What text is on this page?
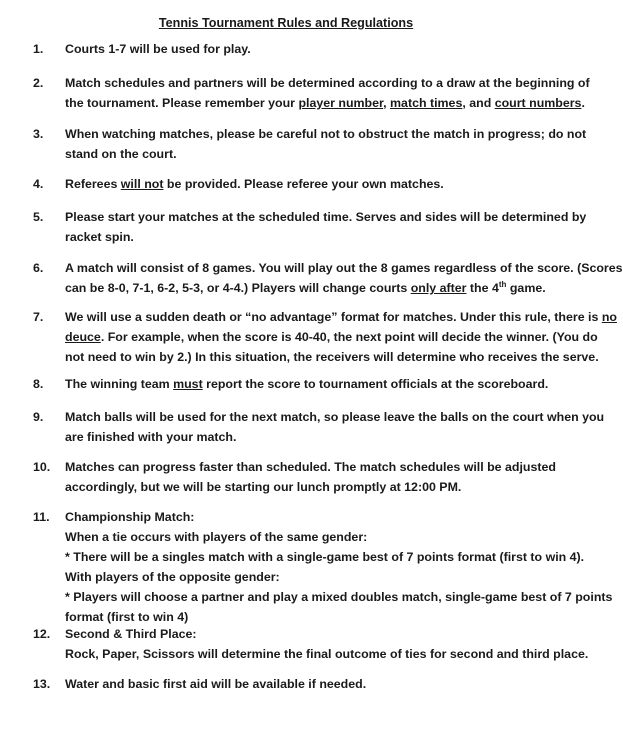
Tennis Tournament Rules and Regulations
1.	Courts 1-7 will be used for play.
2.	Match schedules and partners will be determined according to a draw at the beginning of
the tournament. Please remember your player number, match times, and court numbers.
3.	When watching matches, please be careful not to obstruct the match in progress; do not
stand on the court.
4.	Referees will not be provided. Please referee your own matches.
5.	Please start your matches at the scheduled time. Serves and sides will be determined by
racket spin.
6.	A match will consist of 8 games. You will play out the 8 games regardless of the score. (Scores
can be 8-0, 7-1, 6-2, 5-3, or 4-4.) Players will change courts only after the 4th game.
7.	We will use a sudden death or “no advantage” format for matches. Under this rule, there is no
deuce. For example, when the score is 40-40, the next point will decide the winner. (You do
not need to win by 2.) In this situation, the receivers will determine who receives the serve.
8.	The winning team must report the score to tournament officials at the scoreboard.
9.	Match balls will be used for the next match, so please leave the balls on the court when you
are finished with your match.
10.	Matches can progress faster than scheduled. The match schedules will be adjusted
accordingly, but we will be starting our lunch promptly at 12:00 PM.
11.	Championship Match:
When a tie occurs with players of the same gender:
* There will be a singles match with a single-game best of 7 points format (first to win 4).
With players of the opposite gender:
* Players will choose a partner and play a mixed doubles match, single-game best of 7 points
format (first to win 4)
12.	Second & Third Place:
Rock, Paper, Scissors will determine the final outcome of ties for second and third place.
13.	Water and basic first aid will be available if needed.
